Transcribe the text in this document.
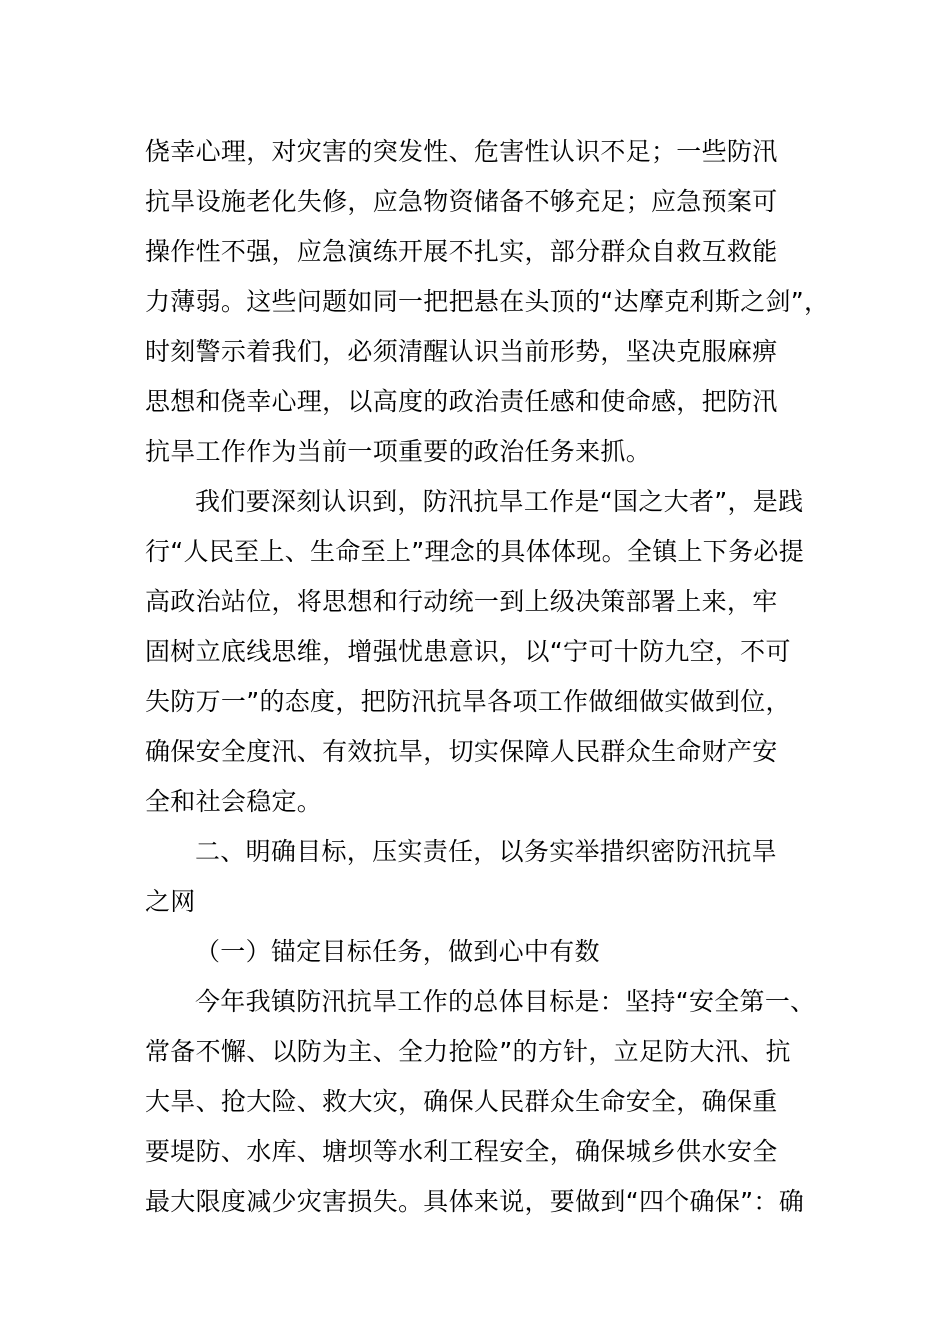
侥幸心理，对灾害的突发性、危害性认识不足；一些防汛
抗旱设施老化失修，应急物资储备不够充足；应急预案可
操作性不强，应急演练开展不扎实，部分群众自救互救能
力薄弱。这些问题如同一把把悬在头顶的“达摩克利斯之剑”，
时刻警示着我们，必须清醒认识当前形势，坚决克服麻痹
思想和侥幸心理，以高度的政治责任感和使命感，把防汛
抗旱工作作为当前一项重要的政治任务来抓。
我们要深刻认识到，防汛抗旱工作是“国之大者”，是践
行“人民至上、生命至上”理念的具体体现。全镇上下务必提
高政治站位，将思想和行动统一到上级决策部署上来，牢
固树立底线思维，增强忧患意识，以“宁可十防九空，不可
失防万一”的态度，把防汛抗旱各项工作做细做实做到位，
确保安全度汛、有效抗旱，切实保障人民群众生命财产安
全和社会稳定。
二、明确目标，压实责任，以务实举措织密防汛抗旱
之网
（一）锚定目标任务，做到心中有数
今年我镇防汛抗旱工作的总体目标是：坚持“安全第一、
常备不懈、以防为主、全力抢险”的方针，立足防大汛、抗
大旱、抢大险、救大灾，确保人民群众生命安全，确保重
要堤防、水库、塘坝等水利工程安全，确保城乡供水安全
最大限度减少灾害损失。具体来说，要做到“四个确保”：确
